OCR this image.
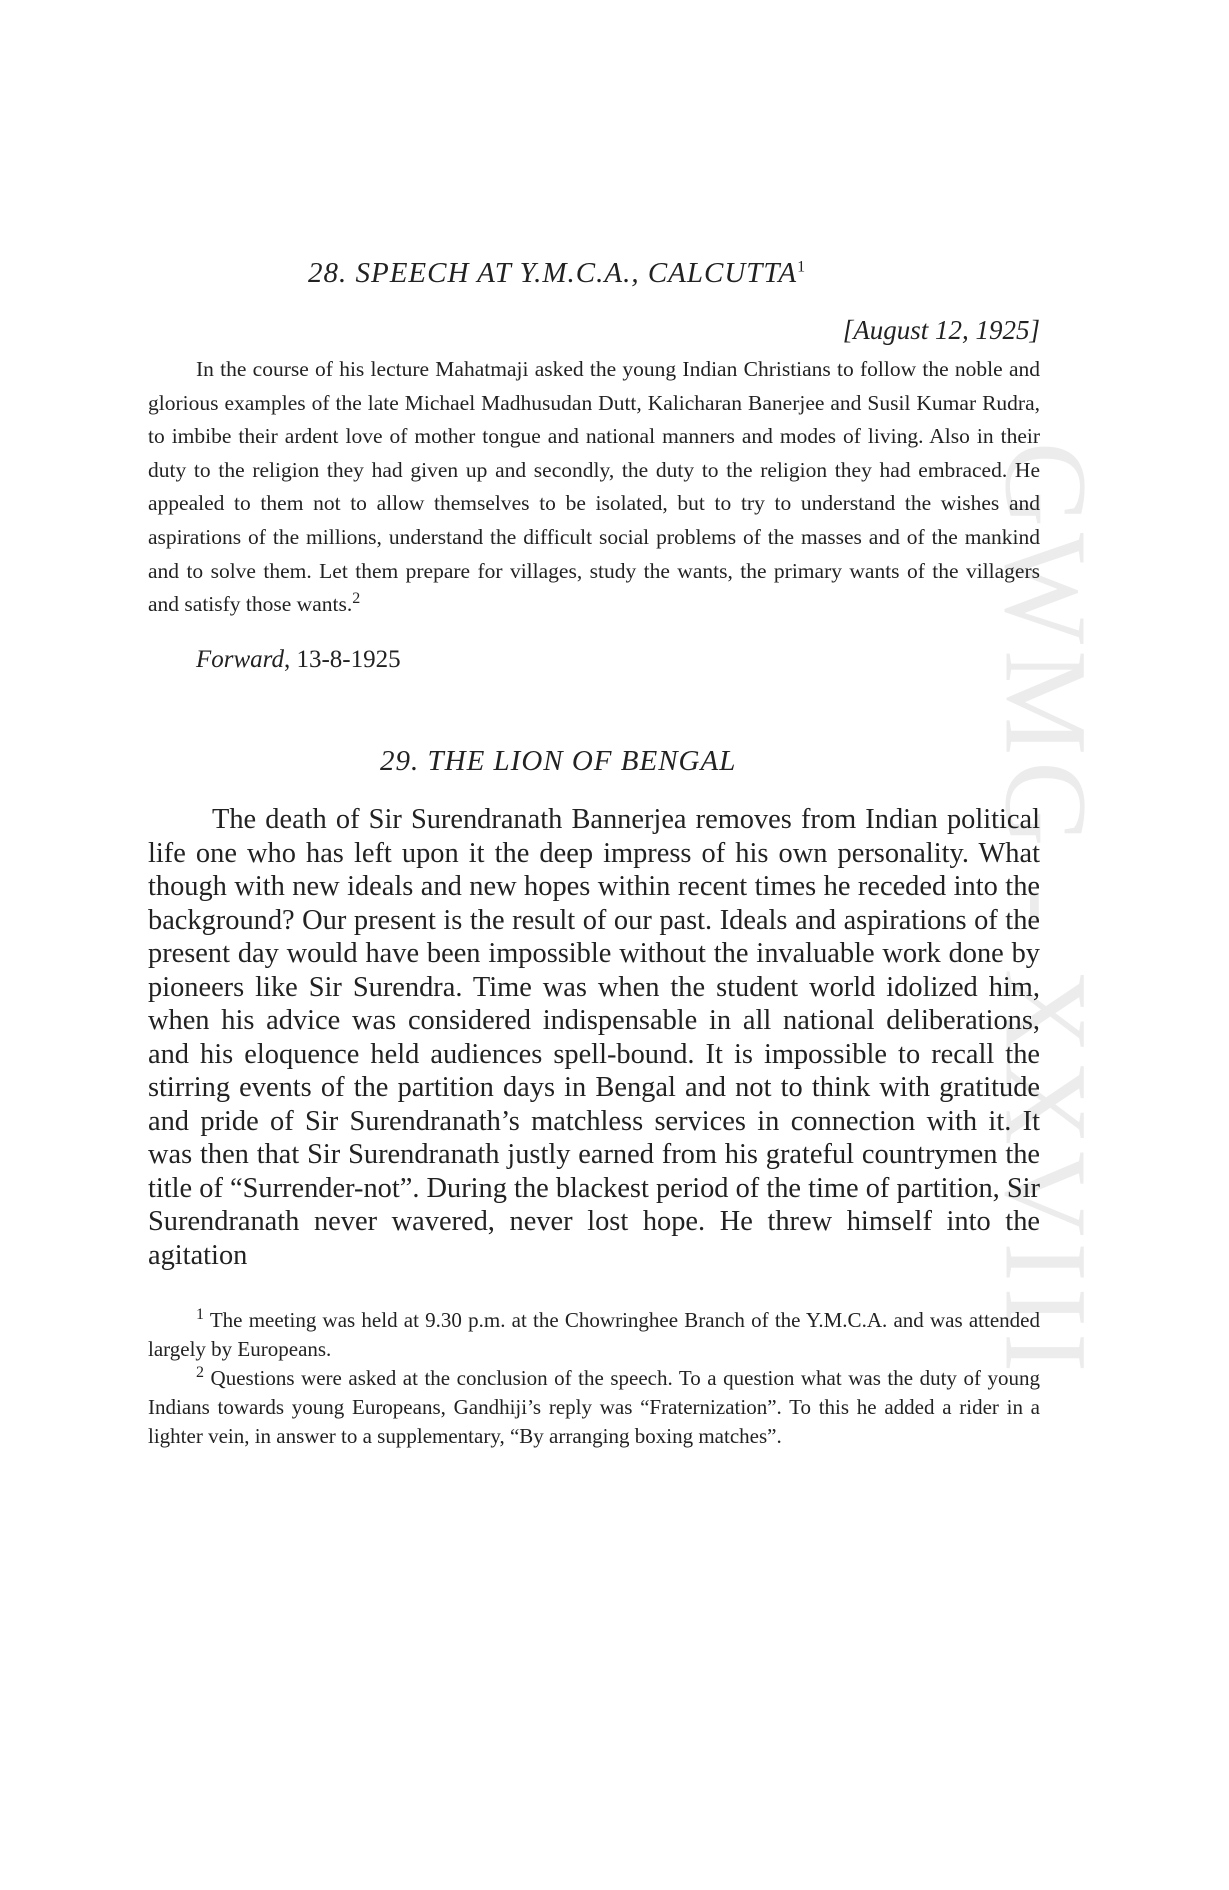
GWMG - XXVIII
28. SPEECH AT Y.M.C.A., CALCUTTA$^1$
[August 12, 1925]

In the course of his lecture Mahatmaji asked the young Indian Christians to follow the noble and glorious examples of the late Michael Madhusudan Dutt, Kalicharan Banerjee and Susil Kumar Rudra, to imbibe their ardent love of mother tongue and national manners and modes of living. Also in their duty to the religion they had given up and secondly, the duty to the religion they had embraced. He appealed to them not to allow themselves to be isolated, but to try to understand the wishes and aspirations of the millions, understand the difficult social problems of the masses and of the mankind and to solve them. Let them prepare for villages, study the wants, the primary wants of the villagers and satisfy those wants.$^2$

Forward, 13-8-1925
29. THE LION OF BENGAL

The death of Sir Surendranath Bannerjea removes from Indian political life one who has left upon it the deep impress of his own personality. What though with new ideals and new hopes within recent times he receded into the background? Our present is the result of our past. Ideals and aspirations of the present day would have been impossible without the invaluable work done by pioneers like Sir Surendra. Time was when the student world idolized him, when his advice was considered indispensable in all national deliberations, and his eloquence held audiences spell-bound. It is impossible to recall the stirring events of the partition days in Bengal and not to think with gratitude and pride of Sir Surendranath’s matchless services in connection with it. It was then that Sir Surendranath justly earned from his grateful countrymen the title of “Surrender-not”. During the blackest period of the time of partition, Sir Surendranath never wavered, never lost hope. He threw himself into the agitation

$^1$ The meeting was held at 9.30 p.m. at the Chowringhee Branch of the Y.M.C.A. and was attended largely by Europeans.

$^2$ Questions were asked at the conclusion of the speech. To a question what was the duty of young Indians towards young Europeans, Gandhiji’s reply was “Fraternization”. To this he added a rider in a lighter vein, in answer to a supplementary, “By arranging boxing matches”.
